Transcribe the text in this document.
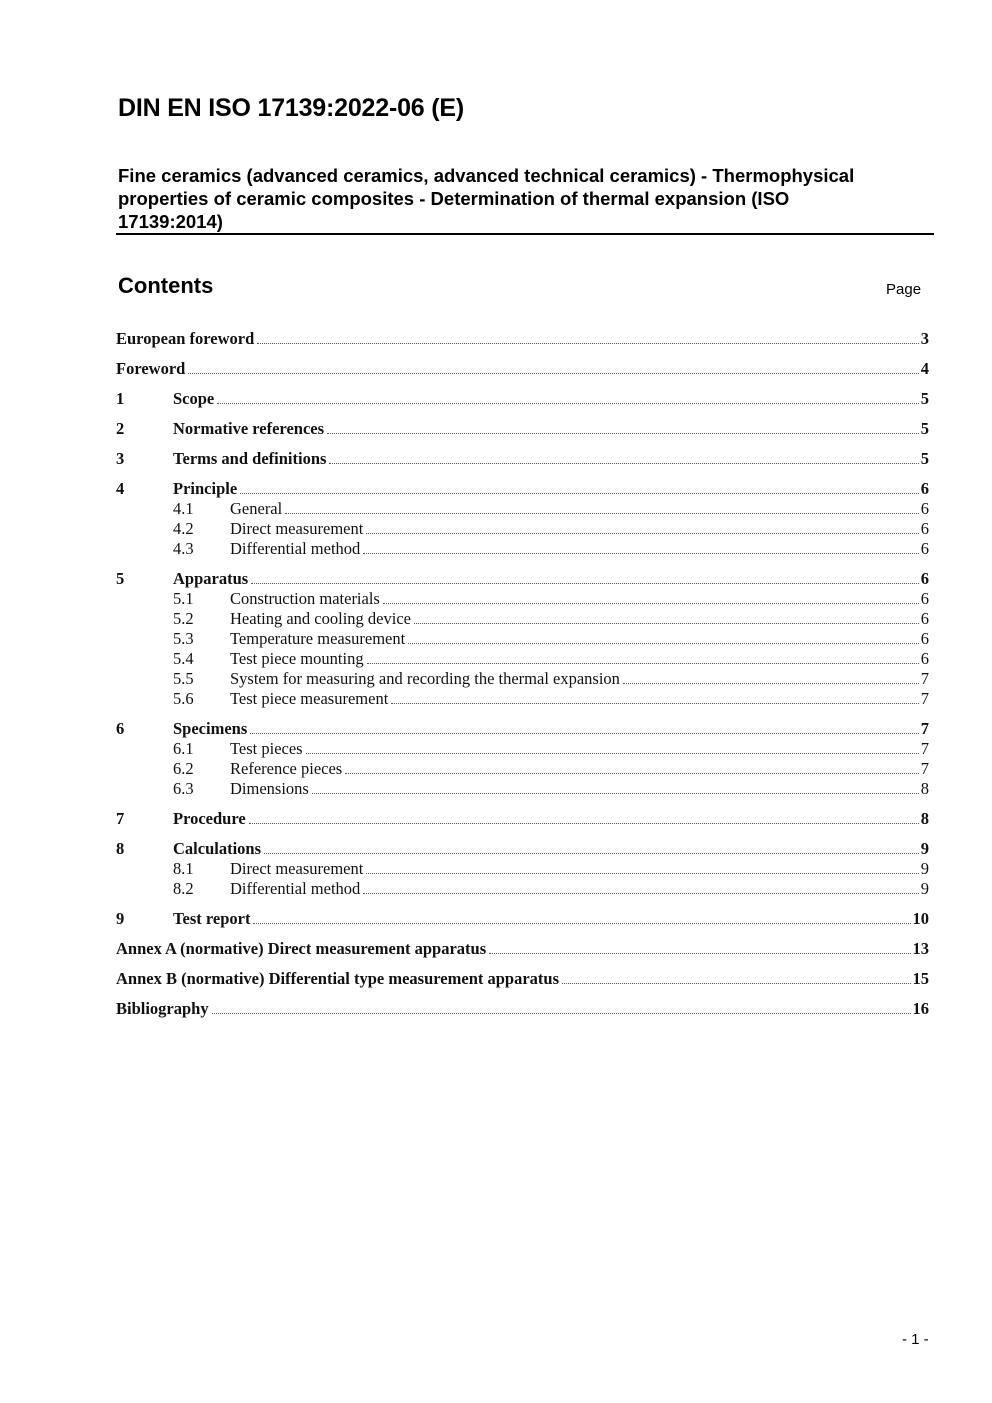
DIN EN ISO 17139:2022-06 (E)
Fine ceramics (advanced ceramics, advanced technical ceramics) - Thermophysical
properties of ceramic composites - Determination of thermal expansion (ISO
17139:2014)
Contents	Page
European foreword	3
Foreword	4
1	Scope	5
2	Normative references	5
3	Terms and definitions	5
4	Principle	6
4.1	General	6
4.2	Direct measurement	6
4.3	Differential method	6
5	Apparatus	6
5.1	Construction materials	6
5.2	Heating and cooling device	6
5.3	Temperature measurement	6
5.4	Test piece mounting	6
5.5	System for measuring and recording the thermal expansion	7
5.6	Test piece measurement	7
6	Specimens	7
6.1	Test pieces	7
6.2	Reference pieces	7
6.3	Dimensions	8
7	Procedure	8
8	Calculations	9
8.1	Direct measurement	9
8.2	Differential method	9
9	Test report	10
Annex A (normative) Direct measurement apparatus	13
Annex B (normative) Differential type measurement apparatus	15
Bibliography	16
- 1 -
